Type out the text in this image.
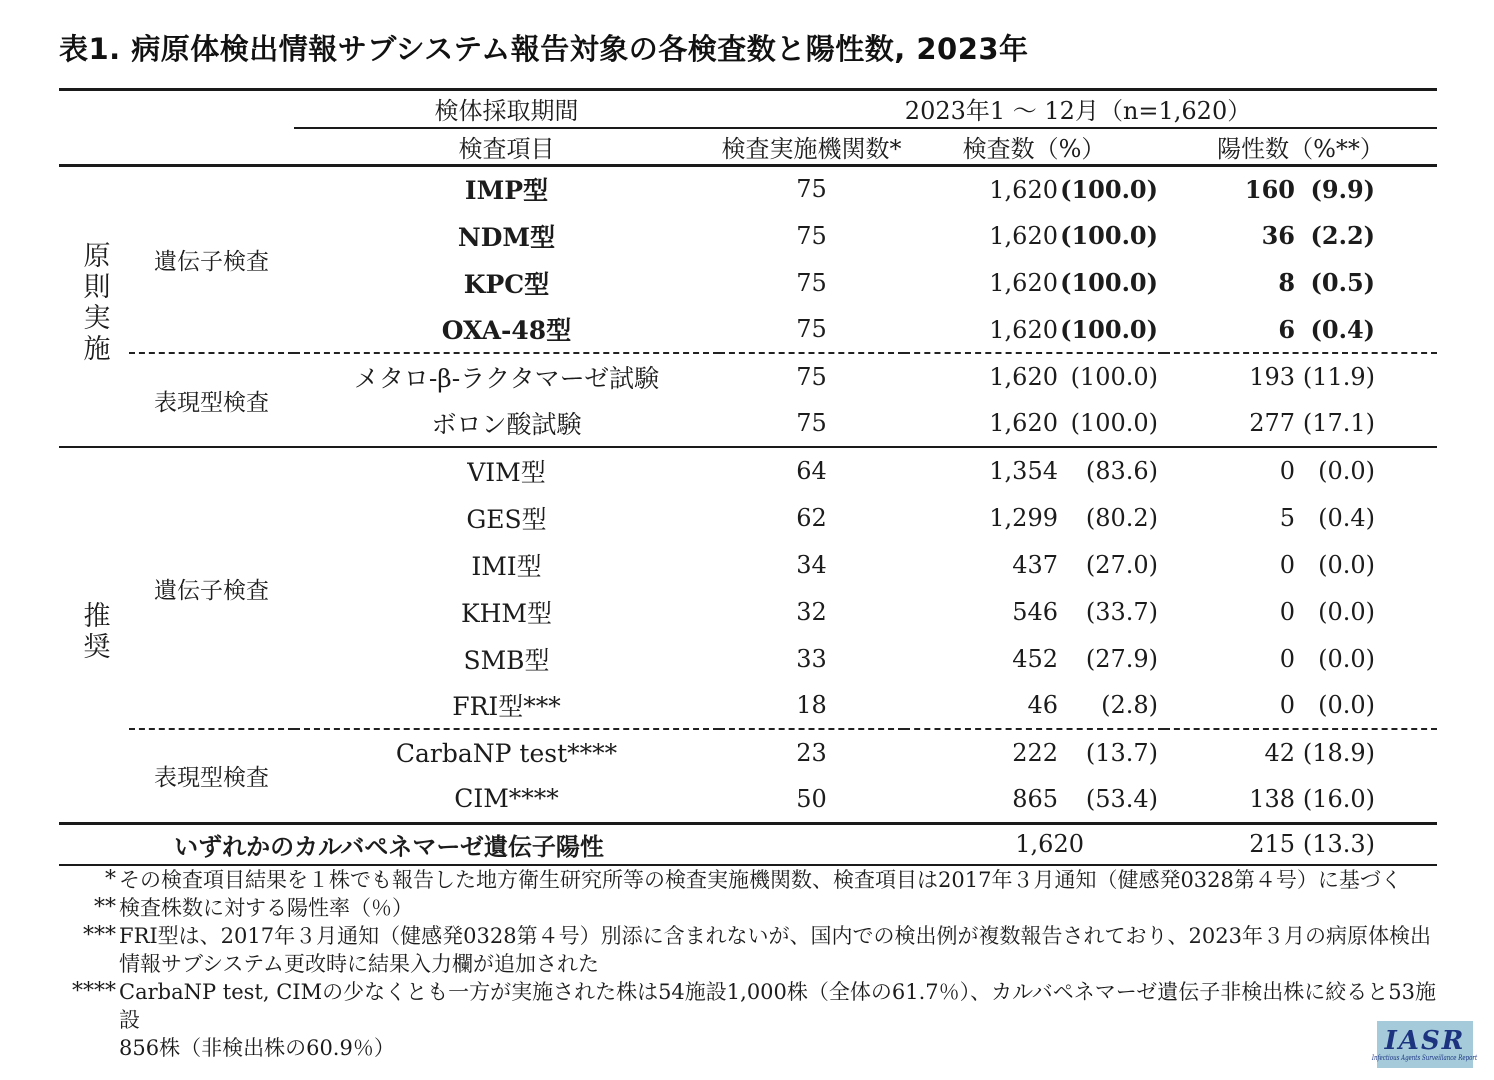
表1. 病原体検出情報サブシステム報告対象の各検査数と陽性数, 2023年
		検体採取期間	2023年1 ～ 12月（n=1,620）		
		検査項目	検査実施機関数*	検査数（%）	陽性数（%**）
原則実施	遺伝子検査	IMP型	75	1,620 (100.0)	160 (9.9)

		NDM型	75	1,620 (100.0)	36 (2.2)

		KPC型	75	1,620 (100.0)	8 (0.5)

		OXA-48型	75	1,620 (100.0)	6 (0.4)

	表現型検査	メタロ-β-ラクタマーゼ試験	75	1,620 (100.0)	193 (11.9)

		ボロン酸試験	75	1,620 (100.0)	277 (17.1)

推奨	遺伝子検査	VIM型	64	1,354 (83.6)	0 (0.0)

		GES型	62	1,299 (80.2)	5 (0.4)

		IMI型	34	437 (27.0)	0 (0.0)

		KHM型	32	546 (33.7)	0 (0.0)

		SMB型	33	452 (27.9)	0 (0.0)

		FRI型***	18	46 (2.8)	0 (0.0)

	表現型検査	CarbaNP test****	23	222 (13.7)	42 (18.9)

		CIM****	50	865 (53.4)	138 (16.0)

いずれかのカルバペネマーゼ遺伝子陽性				1,620	215 (13.3)
* その検査項目結果を１株でも報告した地方衛生研究所等の検査実施機関数、検査項目は2017年３月通知（健感発0328第４号）に基づく
** 検査株数に対する陽性率（％）
*** FRI型は、2017年３月通知（健感発0328第４号）別添に含まれないが、国内での検出例が複数報告されており、2023年３月の病原体検出
情報サブシステム更改時に結果入力欄が追加された
**** CarbaNP test, CIMの少なくとも一方が実施された株は54施設1,000株（全体の61.7％）、カルバペネマーゼ遺伝子非検出株に絞ると53施設
856株（非検出株の60.9％）	IASR
Infectious Agents Surveillance Report
